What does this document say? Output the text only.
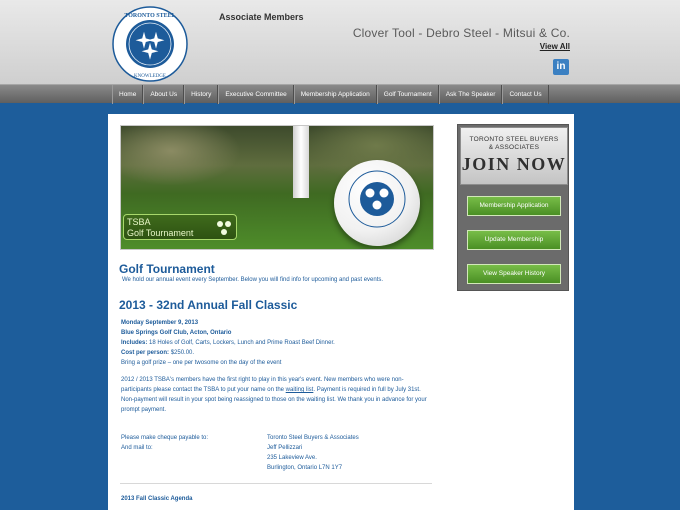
TORONTO STEEL
KNOWLEDGE
Associate Members
Clover Tool - Debro Steel - Mitsui & Co.
View All
in
Home	About Us	History	Executive Committee	Membership Application	Golf Tournament	Ask The Speaker	Contact Us
TSBA
Golf Tournament
Golf Tournament
We hold our annual event every September. Below you will find info for upcoming and past events.
2013 - 32nd Annual Fall Classic
Monday September 9, 2013
Blue Springs Golf Club, Acton, Ontario
Includes: 18 Holes of Golf, Carts, Lockers, Lunch and Prime Roast Beef Dinner.
Cost per person: $250.00.
Bring a golf prize – one per twosome on the day of the event
2012 / 2013 TSBA's members have the first right to play in this year's event. New members who were non-participants please contact the TSBA to put your name on the waiting list. Payment is required in full by July 31st. Non-payment will result in your spot being reassigned to those on the waiting list. We thank you in advance for your prompt payment.
Please make cheque payable to:
And mail to:
Toronto Steel Buyers & Associates
Jeff Pellizzari
235 Lakeview Ave.
Burlington, Ontario L7N 1Y7
2013 Fall Classic Agenda
TORONTO STEEL BUYERS
& ASSOCIATES
JOIN NOW
Membership Application
Update Membership
View Speaker History
